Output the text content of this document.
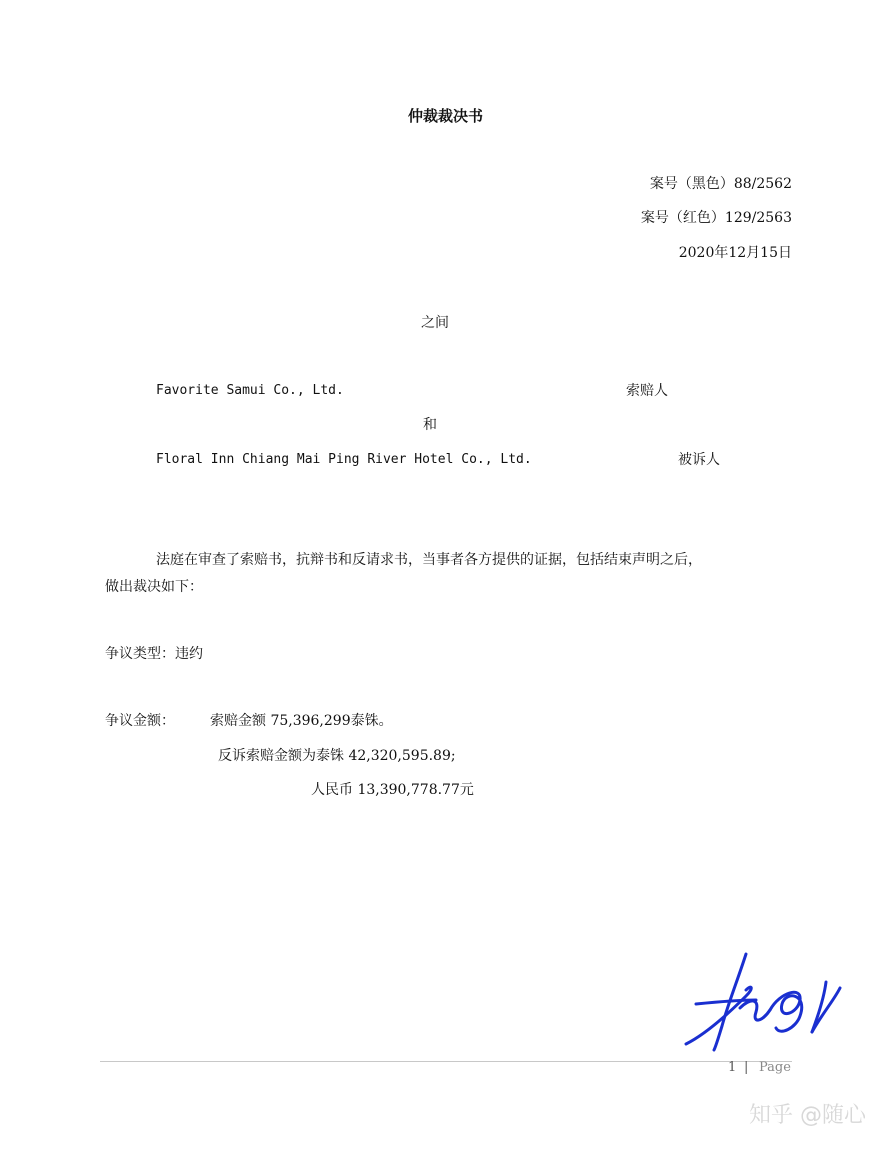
仲裁裁决书
案号（黑色）88/2562
案号（红色）129/2563
2020年12月15日
之间
Favorite Samui Co., Ltd.	索赔人
和
Floral Inn Chiang Mai Ping River Hotel Co., Ltd.	被诉人
法庭在审查了索赔书，抗辩书和反请求书，当事者各方提供的证据，包括结束声明之后，
做出裁决如下：
争议类型：违约
争议金额：	索赔金额 75,396,299泰铢。
反诉索赔金额为泰铢 42,320,595.89;
人民币 13,390,778.77元
1 | Page
知乎 @随心
